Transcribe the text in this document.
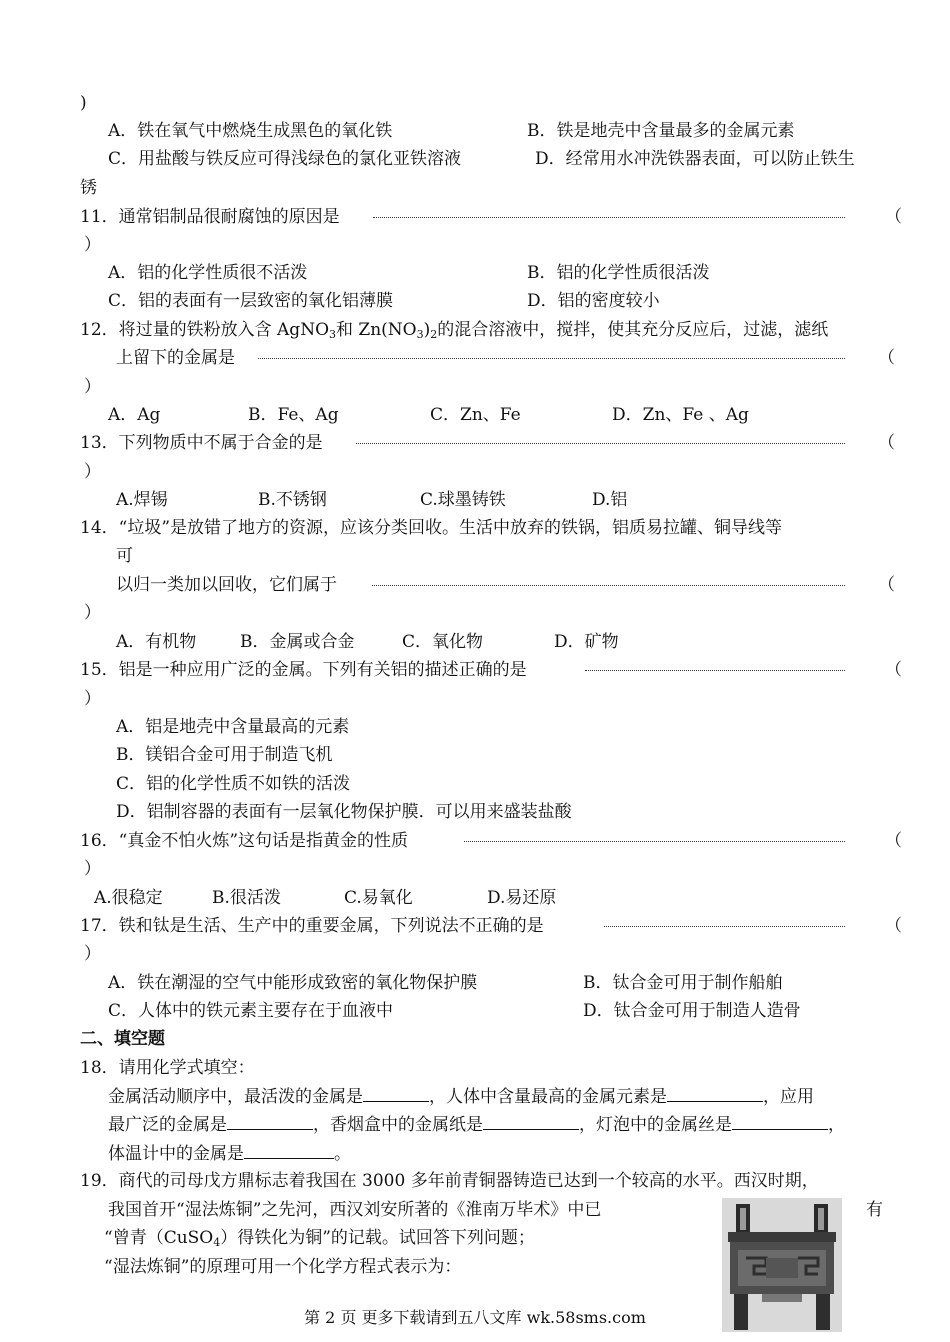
)
A．铁在氧气中燃烧生成黑色的氧化铁	B．铁是地壳中含量最多的金属元素
C．用盐酸与铁反应可得浅绿色的氯化亚铁溶液	D．经常用水冲洗铁器表面，可以防止铁生
锈
11．通常铝制品很耐腐蚀的原因是	（
）
A．铝的化学性质很不活泼	B．铝的化学性质很活泼
C．铝的表面有一层致密的氧化铝薄膜	D．铝的密度较小
12．将过量的铁粉放入含 AgNO$_3$和 $Zn(NO_3)_2$的混合溶液中，搅拌，使其充分反应后，过滤，滤纸
上留下的金属是	（
）
A．Ag	B．Fe、Ag	C．Zn、Fe	D．Zn、Fe 、Ag
13．下列物质中不属于合金的是	（
）
A.焊锡	B.不锈钢	C.球墨铸铁	D.铝
14．“垃圾”是放错了地方的资源，应该分类回收。生活中放弃的铁锅，铝质易拉罐、铜导线等
可
以归一类加以回收，它们属于	（
）
A．有机物	B．金属或合金	C．氧化物	D．矿物
15．铝是一种应用广泛的金属。下列有关铝的描述正确的是	（
）
A．铝是地壳中含量最高的元素
B．镁铝合金可用于制造飞机
C．铝的化学性质不如铁的活泼
D．铝制容器的表面有一层氧化物保护膜．可以用来盛装盐酸
16．“真金不怕火炼”这句话是指黄金的性质	（
）
A.很稳定	B.很活泼	C.易氧化	D.易还原
17．铁和钛是生活、生产中的重要金属，下列说法不正确的是	（
）
A．铁在潮湿的空气中能形成致密的氧化物保护膜	B．钛合金可用于制作船舶
C．人体中的铁元素主要存在于血液中	D．钛合金可用于制造人造骨
二、填空题
18．请用化学式填空：
金属活动顺序中，最活泼的金属是	，人体中含量最高的金属元素是	，应用
最广泛的金属是	，香烟盒中的金属纸是	，灯泡中的金属丝是	，
体温计中的金属是	。
19．商代的司母戊方鼎标志着我国在 3000 多年前青铜器铸造已达到一个较高的水平。西汉时期，
我国首开“湿法炼铜”之先河，西汉刘安所著的《淮南万毕术》中已	有
“曾青（CuSO$_4$）得铁化为铜”的记载。试回答下列问题；
“湿法炼铜”的原理可用一个化学方程式表示为：
第 2 页 更多下载请到五八文库 wk.58sms.com
